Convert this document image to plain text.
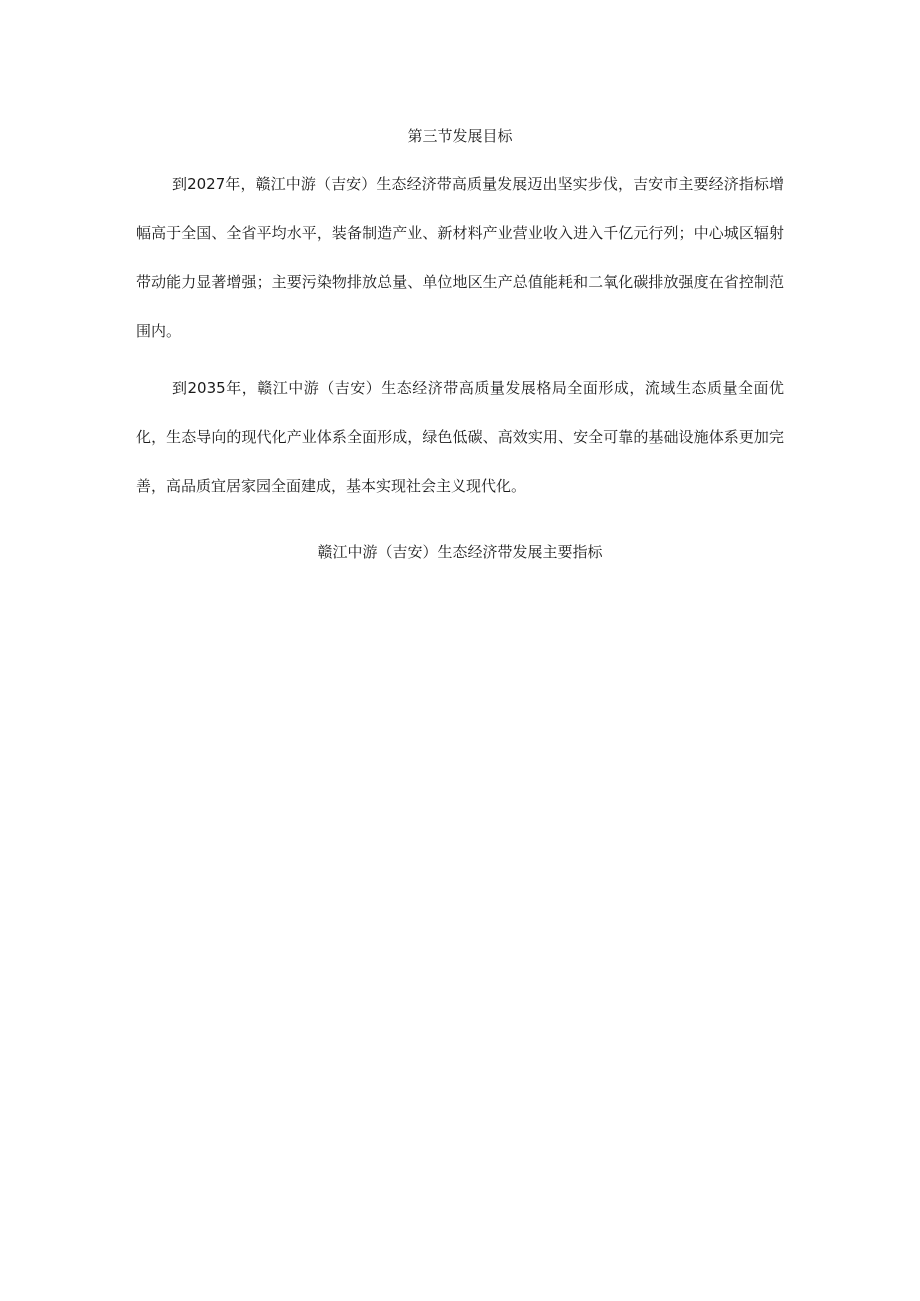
第三节发展目标

到2027年，赣江中游（吉安）生态经济带高质量发展迈出坚实步伐，吉安市主要经济指标增幅高于全国、全省平均水平，装备制造产业、新材料产业营业收入进入千亿元行列；中心城区辐射带动能力显著增强；主要污染物排放总量、单位地区生产总值能耗和二氧化碳排放强度在省控制范围内。

到2035年，赣江中游（吉安）生态经济带高质量发展格局全面形成，流域生态质量全面优化，生态导向的现代化产业体系全面形成，绿色低碳、高效实用、安全可靠的基础设施体系更加完善，高品质宜居家园全面建成，基本实现社会主义现代化。

赣江中游（吉安）生态经济带发展主要指标
